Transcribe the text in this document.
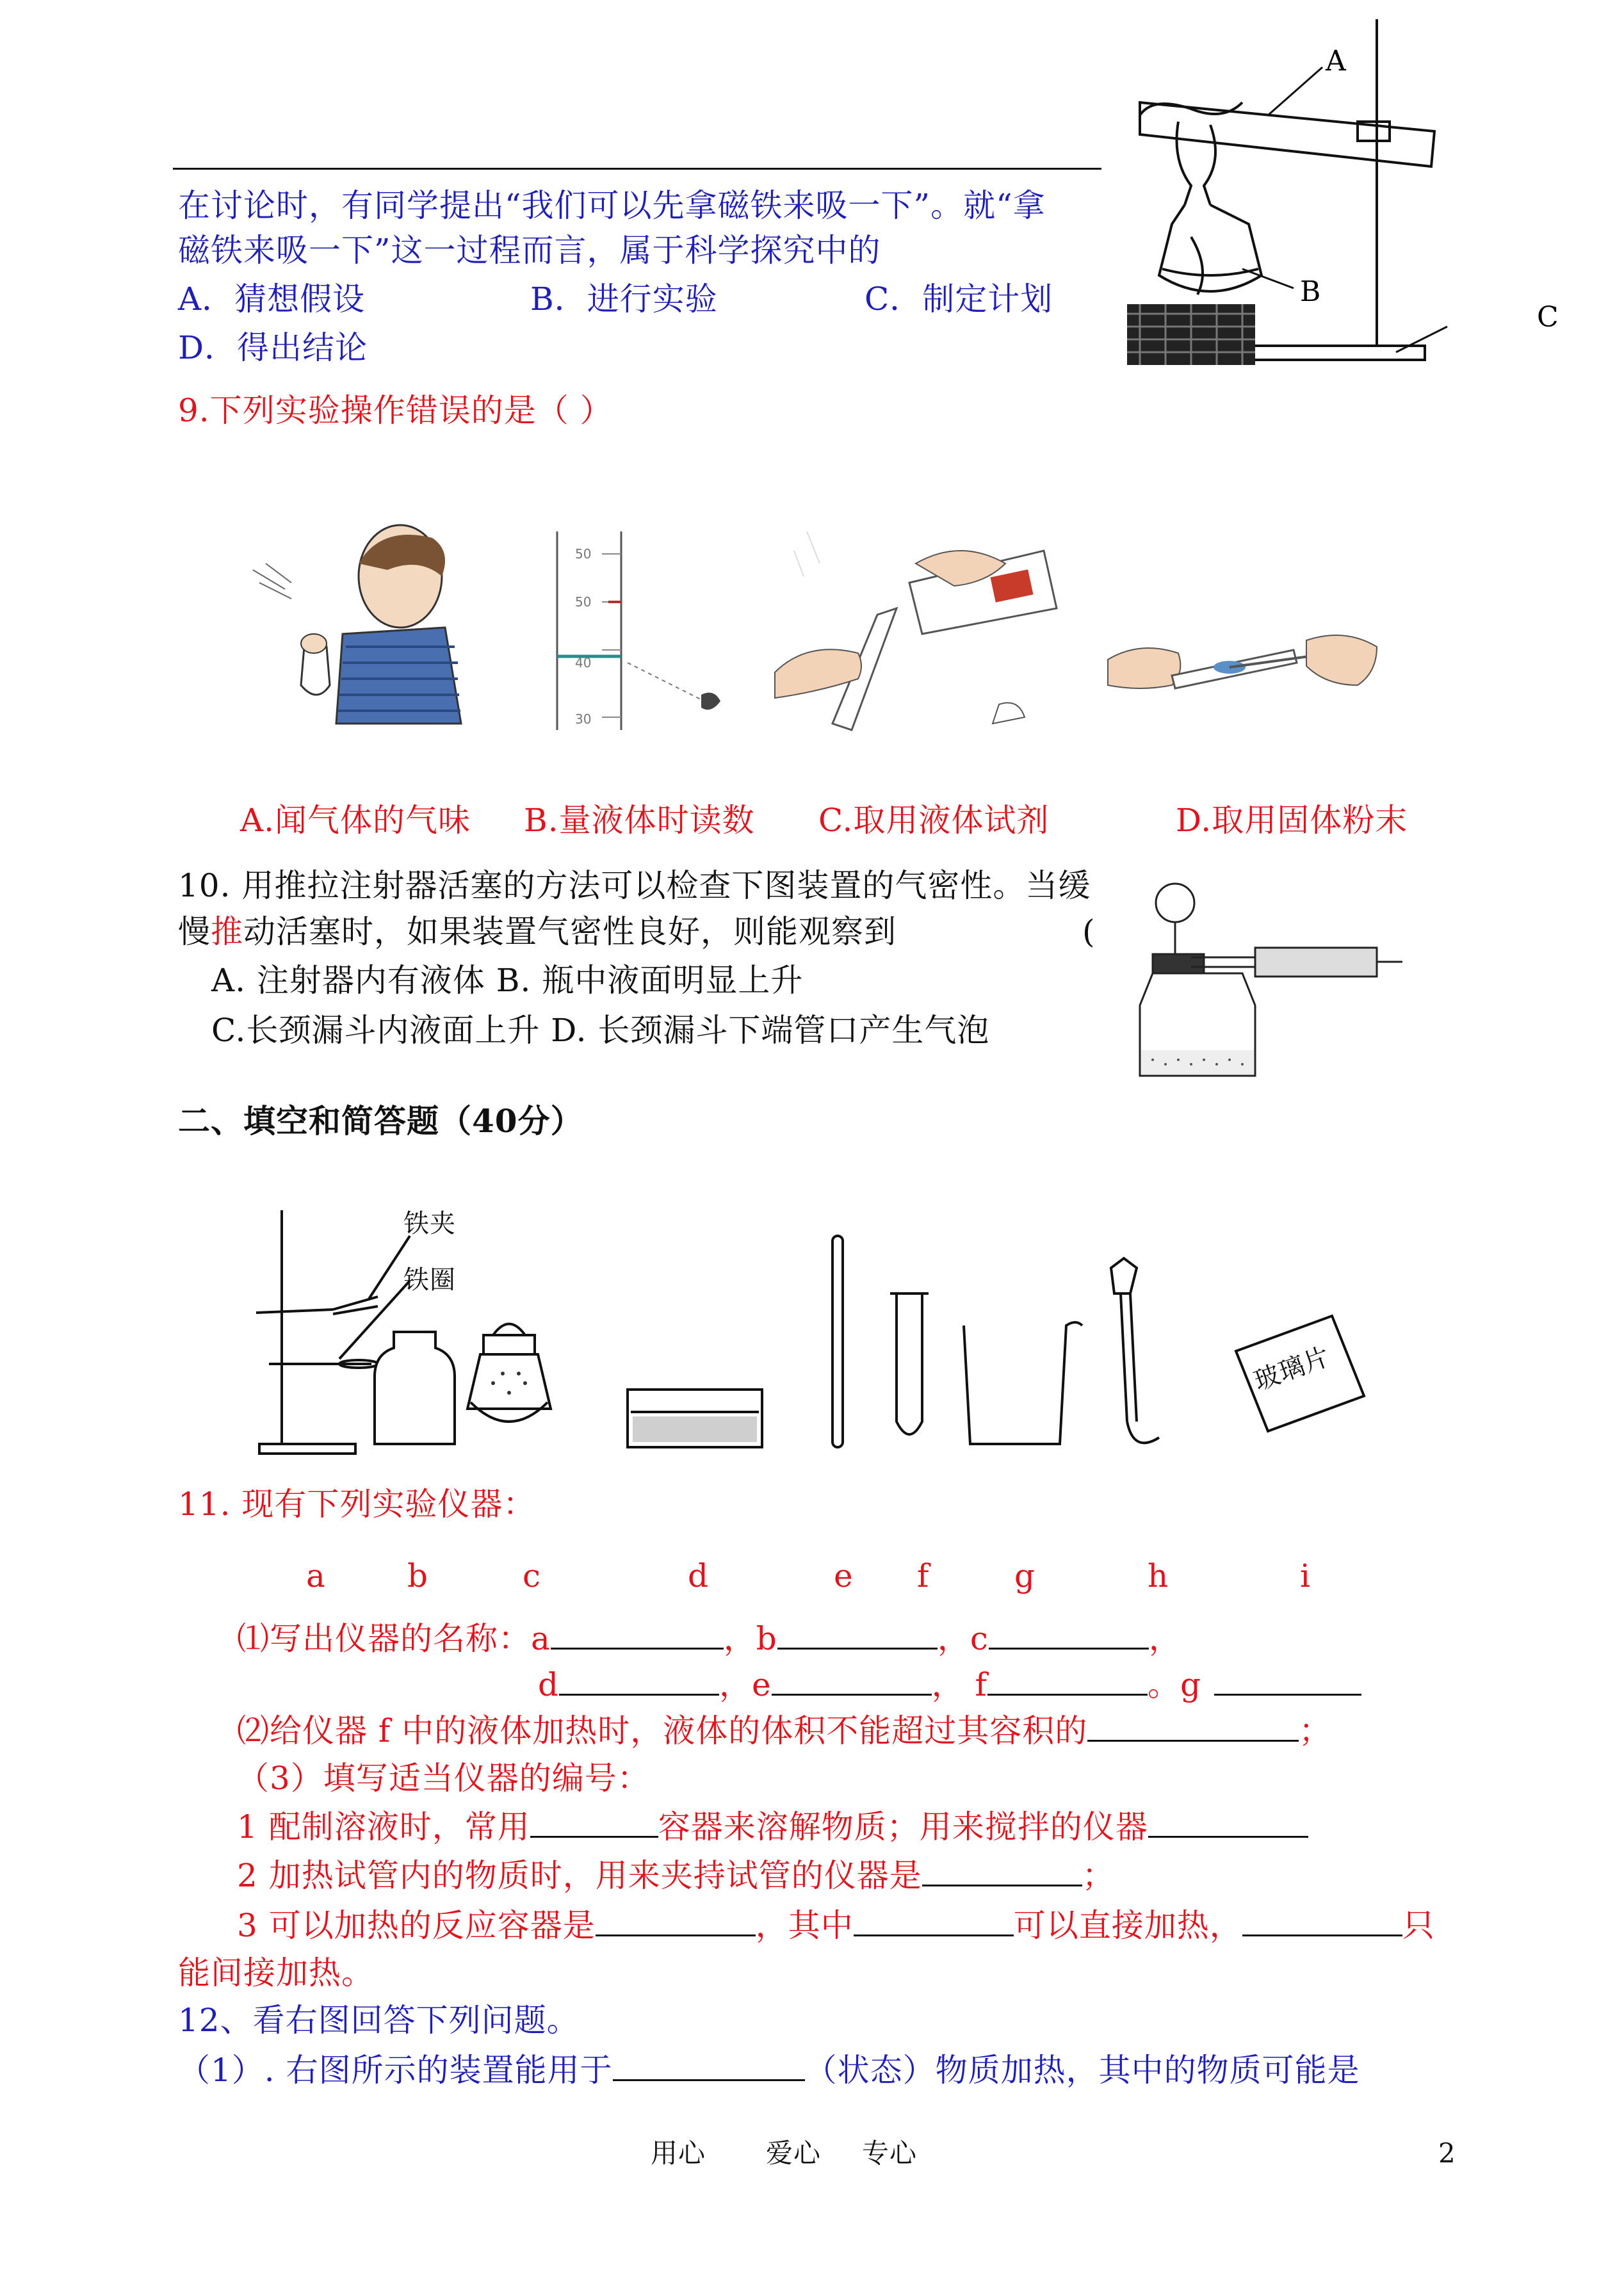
在讨论时，有同学提出“我们可以先拿磁铁来吸一下”。就“拿
磁铁来吸一下”这一过程而言，属于科学探究中的
A．猜想假设	B．进行实验	C．制定计划
D．得出结论
A
B
C
9.下列实验操作错误的是（ ）
50
50
40
30
A.闻气体的气味 B.量液体时读数 C.取用液体试剂	D.取用固体粉末
10. 用推拉注射器活塞的方法可以检查下图装置的气密性。当缓
慢推动活塞时，如果装置气密性良好，则能观察到	(
A. 注射器内有液体 B. 瓶中液面明显上升
C.长颈漏斗内液面上升 D. 长颈漏斗下端管口产生气泡
二、填空和简答题（40分）
铁夹
铁圈
玻璃片
11. 现有下列实验仪器：
a	b	c	d	e f	g	h	i
⑴写出仪器的名称：a	，b	，c	，
d	，e	， f	。g
⑵给仪器 f 中的液体加热时，液体的体积不能超过其容积的	；
（3）填写适当仪器的编号：
1 配制溶液时，常用	容器来溶解物质；用来搅拌的仪器
2 加热试管内的物质时，用来夹持试管的仪器是	；
3 可以加热的反应容器是	，其中	可以直接加热，	只
能间接加热。
12、看右图回答下列问题。
（1）. 右图所示的装置能用于	（状态）物质加热，其中的物质可能是
用心 爱心 专心	2
